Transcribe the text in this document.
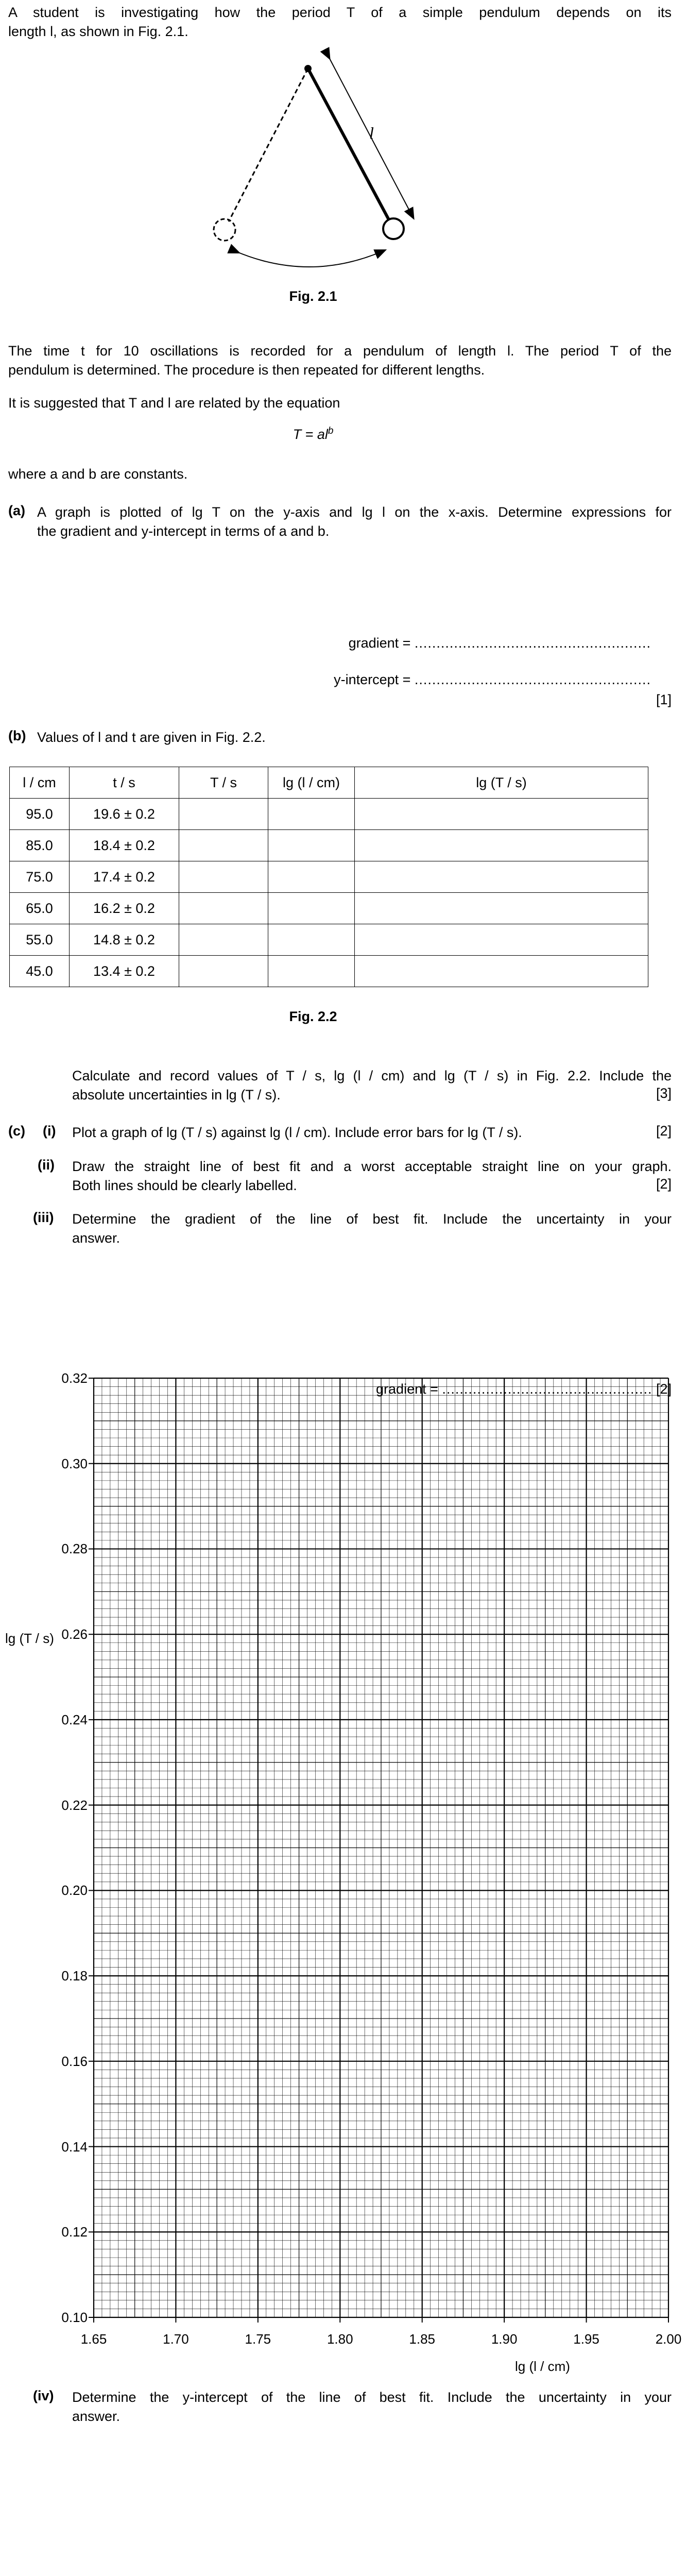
A student is investigating how the period T of a simple pendulum depends on its
length l, as shown in Fig. 2.1.
l
Fig. 2.1
The time t for 10 oscillations is recorded for a pendulum of length l. The period T of the
pendulum is determined. The procedure is then repeated for different lengths.
It is suggested that T and l are related by the equation
$T = al^b$
where a and b are constants.
(a) A graph is plotted of lg T on the y-axis and lg l on the x-axis. Determine expressions for
the gradient and y-intercept in terms of a and b.
gradient = ......................................................
y-intercept = ......................................................
[1]
(b) Values of l and t are given in Fig. 2.2.
l / cm	t / s	T / s	lg (l / cm)	lg (T / s)
95.0	19.6 ± 0.2			
85.0	18.4 ± 0.2			
75.0	17.4 ± 0.2			
65.0	16.2 ± 0.2			
55.0	14.8 ± 0.2			
45.0	13.4 ± 0.2			
Fig. 2.2
Calculate and record values of T / s, lg (l / cm) and lg (T / s) in Fig. 2.2. Include the
absolute uncertainties in lg (T / s).	[3]
(c) (i) Plot a graph of lg (T / s) against lg (l / cm). Include error bars for lg (T / s).	[2]
(ii) Draw the straight line of best fit and a worst acceptable straight line on your graph.
Both lines should be clearly labelled.	[2]
(iii) Determine the gradient of the line of best fit. Include the uncertainty in your
answer.
gradient = ................................................ [2]
lg (T / s)
lg (l / cm)
0.10
0.12
0.14
0.16
0.18
0.20
0.22
0.24
0.26
0.28
0.30
0.32
1.65	1.70	1.75	1.80	1.85	1.90	1.95	2.00
(iv) Determine the y-intercept of the line of best fit. Include the uncertainty in your
answer.
